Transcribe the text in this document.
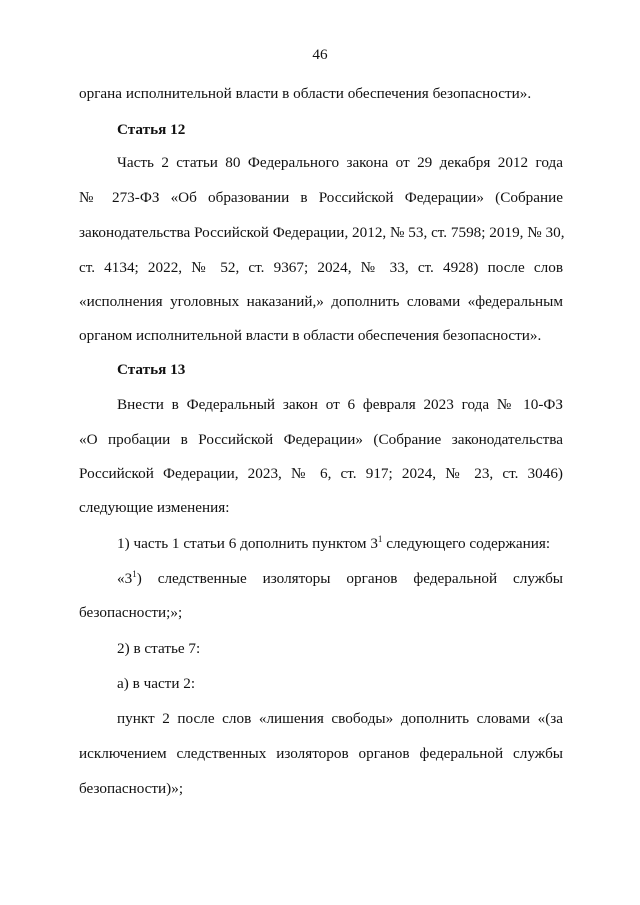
46
органа исполнительной власти в области обеспечения безопасности».
Статья 12
Часть 2 статьи 80 Федерального закона от 29 декабря 2012 года
№ 273-ФЗ «Об образовании в Российской Федерации» (Собрание
законодательства Российской Федерации, 2012, № 53, ст. 7598; 2019, № 30,
ст. 4134; 2022, № 52, ст. 9367; 2024, № 33, ст. 4928) после слов
«исполнения уголовных наказаний,» дополнить словами «федеральным
органом исполнительной власти в области обеспечения безопасности».
Статья 13
Внести в Федеральный закон от 6 февраля 2023 года № 10-ФЗ
«О пробации в Российской Федерации» (Собрание законодательства
Российской Федерации, 2023, № 6, ст. 917; 2024, № 23, ст. 3046)
следующие изменения:
1) часть 1 статьи 6 дополнить пунктом $3^1$ следующего содержания:
«$3^1$ ) следственные изоляторы органов федеральной службы
безопасности;»;
2) в статье 7:
а) в части 2:
пункт 2 после слов «лишения свободы» дополнить словами «(за
исключением следственных изоляторов органов федеральной службы
безопасности)»;
